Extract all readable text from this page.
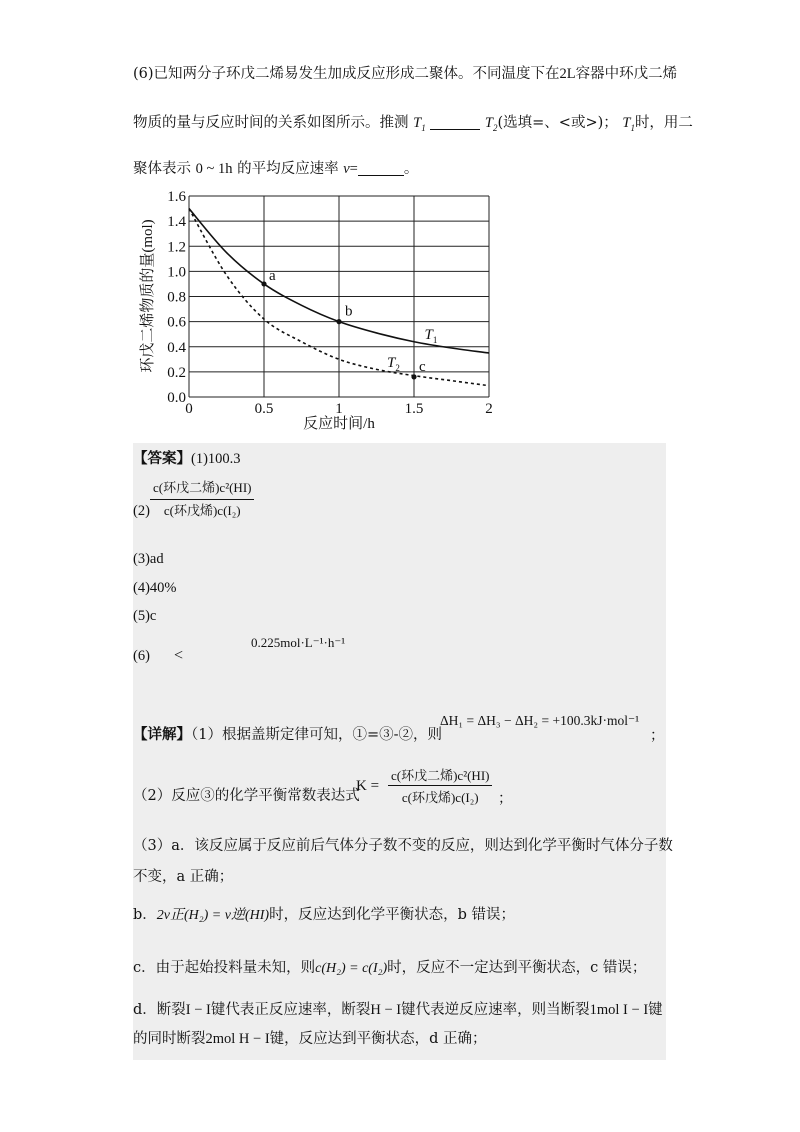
(6)已知两分子环戊二烯易发生加成反应形成二聚体。不同温度下在2L容器中环戊二烯
物质的量与反应时间的关系如图所示。推测 $T_1$	$T_2$(选填=、<或>)； $T_1$时，用二
聚体表示 0 ~ 1h 的平均反应速率 v=	。
a
b
c
$T_1$
$T_2$
0	0.5	1	1.5	2
0.0
0.2
0.4
0.6
0.8
1.0
1.2
1.4
1.6
反应时间/h
环戊二烯物质的量(mol)
【答案】(1)100.3
(2)
c(环戊二烯)c²(HI)
c(环戊烯)c(I₂)
(3)ad
(4)40%
(5)c
(6) <
0.225mol·L⁻¹·h⁻¹
【详解】（1）根据盖斯定律可知，①=③-②，则
ΔH₁ = ΔH₃ − ΔH₂ = +100.3kJ·mol⁻¹
；
（2）反应③的化学平衡常数表达式
K =
c(环戊二烯)c²(HI)
c(环戊烯)c(I₂)	；
（3）a．该反应属于反应前后气体分子数不变的反应，则达到化学平衡时气体分子数
不变，a 正确；
b．2v正(H₂) = v逆(HI)时，反应达到化学平衡状态，b 错误；
c．由于起始投料量未知，则c(H₂) = c(I₂)时，反应不一定达到平衡状态，c 错误；
d．断裂I − I键代表正反应速率，断裂H − I键代表逆反应速率，则当断裂1mol I − I键
的同时断裂2mol H − I键，反应达到平衡状态，d 正确；
